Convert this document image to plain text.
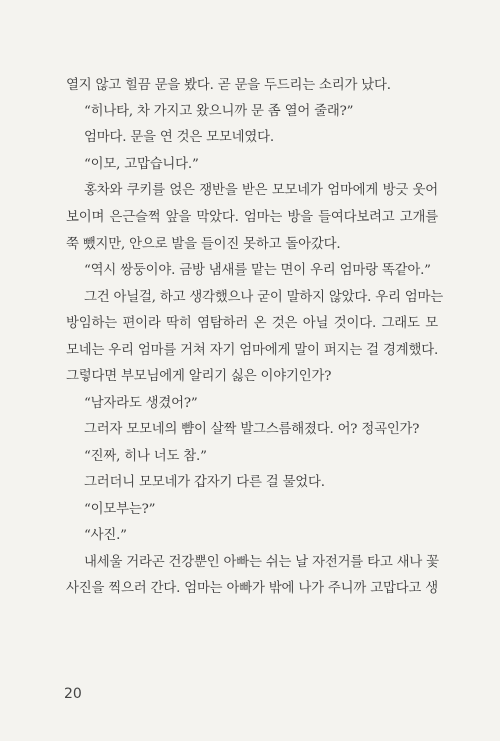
열지 않고 힐끔 문을 봤다. 곧 문을 두드리는 소리가 났다.
“히나타, 차 가지고 왔으니까 문 좀 열어 줄래?”
엄마다. 문을 연 것은 모모네였다.
“이모, 고맙습니다.”
홍차와 쿠키를 얹은 쟁반을 받은 모모네가 엄마에게 방긋 웃어
보이며 은근슬쩍 앞을 막았다. 엄마는 방을 들여다보려고 고개를
쭉 뺐지만, 안으로 발을 들이진 못하고 돌아갔다.
“역시 쌍둥이야. 금방 냄새를 맡는 면이 우리 엄마랑 똑같아.”
그건 아닐걸, 하고 생각했으나 굳이 말하지 않았다. 우리 엄마는
방임하는 편이라 딱히 염탐하러 온 것은 아닐 것이다. 그래도 모
모네는 우리 엄마를 거쳐 자기 엄마에게 말이 퍼지는 걸 경계했다.
그렇다면 부모님에게 알리기 싫은 이야기인가?
“남자라도 생겼어?”
그러자 모모네의 뺨이 살짝 발그스름해졌다. 어? 정곡인가?
“진짜, 히나 너도 참.”
그러더니 모모네가 갑자기 다른 걸 물었다.
“이모부는?”
“사진.”
내세울 거라곤 건강뿐인 아빠는 쉬는 날 자전거를 타고 새나 꽃
사진을 찍으러 간다. 엄마는 아빠가 밖에 나가 주니까 고맙다고 생
20
